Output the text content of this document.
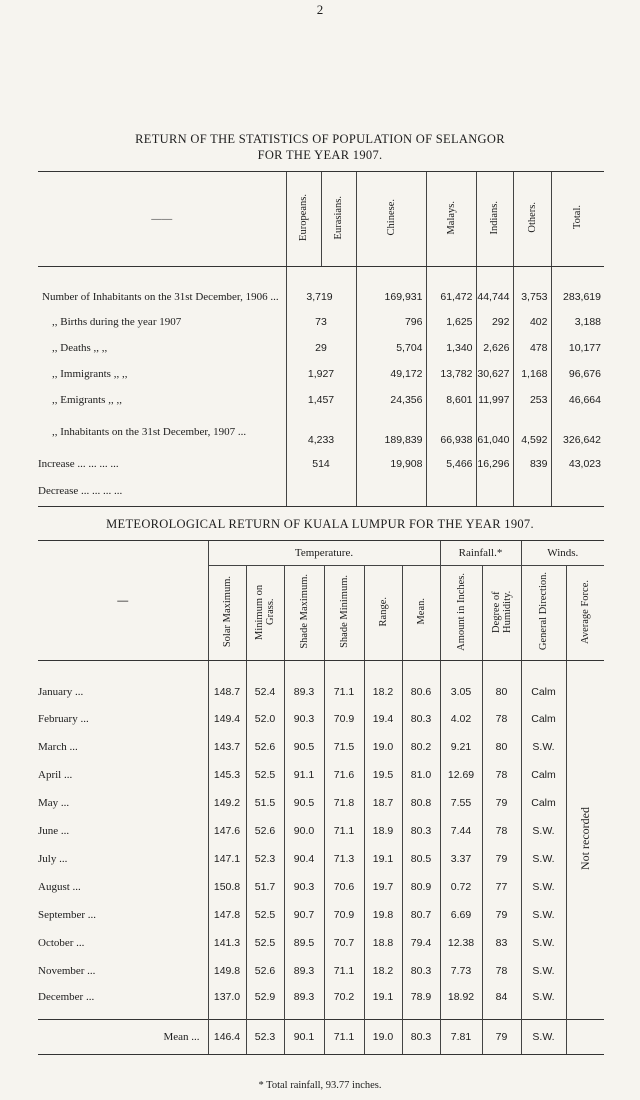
2
RETURN OF THE STATISTICS OF POPULATION OF SELANGOR
FOR THE YEAR 1907.
——	Europeans.	Eurasians.	Chinese.	Malays.	Indians.	Others.	Total.
Number of Inhabitants on the 31st December, 1906 ...	3,719		169,931	61,472	44,744	3,753	283,619
,, Births during the year 1907	73		796	1,625	292	402	3,188
,, Deaths ,, ,,	29		5,704	1,340	2,626	478	10,177
,, Immigrants ,, ,,	1,927		49,172	13,782	30,627	1,168	96,676
,, Emigrants ,, ,,	1,457		24,356	8,601	11,997	253	46,664
,, Inhabitants on the 31st December, 1907 ...	4,233		189,839	66,938	61,040	4,592	326,642
Increase ... ... ... ...	514		19,908	5,466	16,296	839	43,023
Decrease ... ... ... ...							
METEOROLOGICAL RETURN OF KUALA LUMPUR FOR THE YEAR 1907.
—	Temperature.						Rainfall.*		Winds.	
	Solar Maximum.	Minimum on Grass.	Shade Maximum.	Shade Minimum.	Range.	Mean.	Amount in Inches.	Degree of Humidity.	General Direction.	Average Force.
January ...	148.7	52.4	89.3	71.1	18.2	80.6	3.05	80	Calm	Not recorded
February ...	149.4	52.0	90.3	70.9	19.4	80.3	4.02	78	Calm	
March ...	143.7	52.6	90.5	71.5	19.0	80.2	9.21	80	S.W.	
April ...	145.3	52.5	91.1	71.6	19.5	81.0	12.69	78	Calm	
May ...	149.2	51.5	90.5	71.8	18.7	80.8	7.55	79	Calm	
June ...	147.6	52.6	90.0	71.1	18.9	80.3	7.44	78	S.W.	
July ...	147.1	52.3	90.4	71.3	19.1	80.5	3.37	79	S.W.	
August ...	150.8	51.7	90.3	70.6	19.7	80.9	0.72	77	S.W.	
September ...	147.8	52.5	90.7	70.9	19.8	80.7	6.69	79	S.W.	
October ...	141.3	52.5	89.5	70.7	18.8	79.4	12.38	83	S.W.	
November ...	149.8	52.6	89.3	71.1	18.2	80.3	7.73	78	S.W.	
December ...	137.0	52.9	89.3	70.2	19.1	78.9	18.92	84	S.W.	
Mean ...	146.4	52.3	90.1	71.1	19.0	80.3	7.81	79	S.W.	
* Total rainfall, 93.77 inches.
